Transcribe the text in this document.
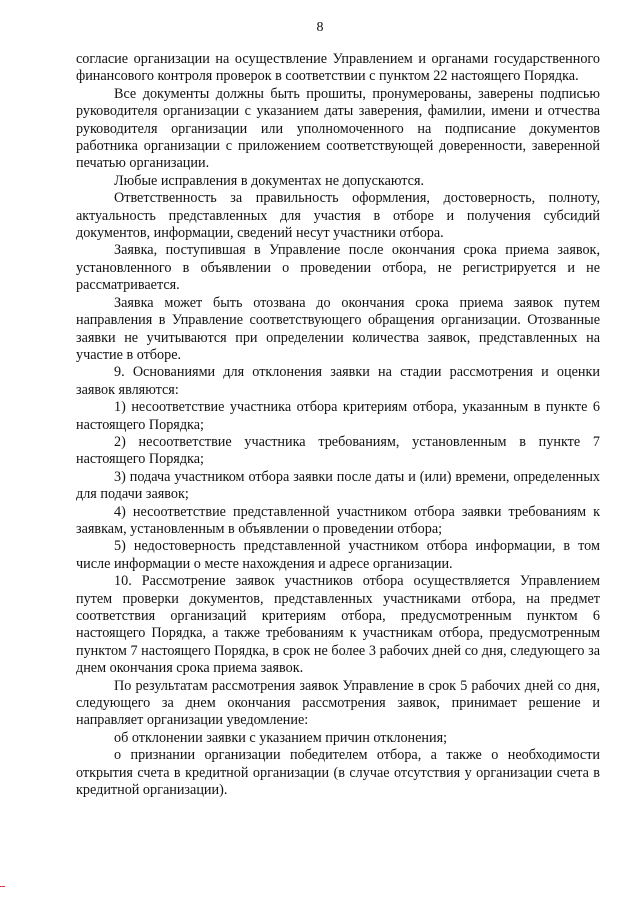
8

согласие организации на осуществление Управлением и органами государственного финансового контроля проверок в соответствии с пунктом 22 настоящего Порядка.

Все документы должны быть прошиты, пронумерованы, заверены подписью руководителя организации с указанием даты заверения, фамилии, имени и отчества руководителя организации или уполномоченного на подписание документов работника организации с приложением соответствующей доверенности, заверенной печатью организации.

Любые исправления в документах не допускаются.

Ответственность за правильность оформления, достоверность, полноту, актуальность представленных для участия в отборе и получения субсидий документов, информации, сведений несут участники отбора.

Заявка, поступившая в Управление после окончания срока приема заявок, установленного в объявлении о проведении отбора, не регистрируется и не рассматривается.

Заявка может быть отозвана до окончания срока приема заявок путем направления в Управление соответствующего обращения организации. Отозванные заявки не учитываются при определении количества заявок, представленных на участие в отборе.

9. Основаниями для отклонения заявки на стадии рассмотрения и оценки заявок являются:

1) несоответствие участника отбора критериям отбора, указанным в пункте 6 настоящего Порядка;

2) несоответствие участника требованиям, установленным в пункте 7 настоящего Порядка;

3) подача участником отбора заявки после даты и (или) времени, определенных для подачи заявок;

4) несоответствие представленной участником отбора заявки требованиям к заявкам, установленным в объявлении о проведении отбора;

5) недостоверность представленной участником отбора информации, в том числе информации о месте нахождения и адресе организации.

10. Рассмотрение заявок участников отбора осуществляется Управлением путем проверки документов, представленных участниками отбора, на предмет соответствия организаций критериям отбора, предусмотренным пунктом 6 настоящего Порядка, а также требованиям к участникам отбора, предусмотренным пунктом 7 настоящего Порядка, в срок не более 3 рабочих дней со дня, следующего за днем окончания срока приема заявок.

По результатам рассмотрения заявок Управление в срок 5 рабочих дней со дня, следующего за днем окончания рассмотрения заявок, принимает решение и направляет организации уведомление:

об отклонении заявки с указанием причин отклонения;

о признании организации победителем отбора, а также о необходимости открытия счета в кредитной организации (в случае отсутствия у организации счета в кредитной организации).
